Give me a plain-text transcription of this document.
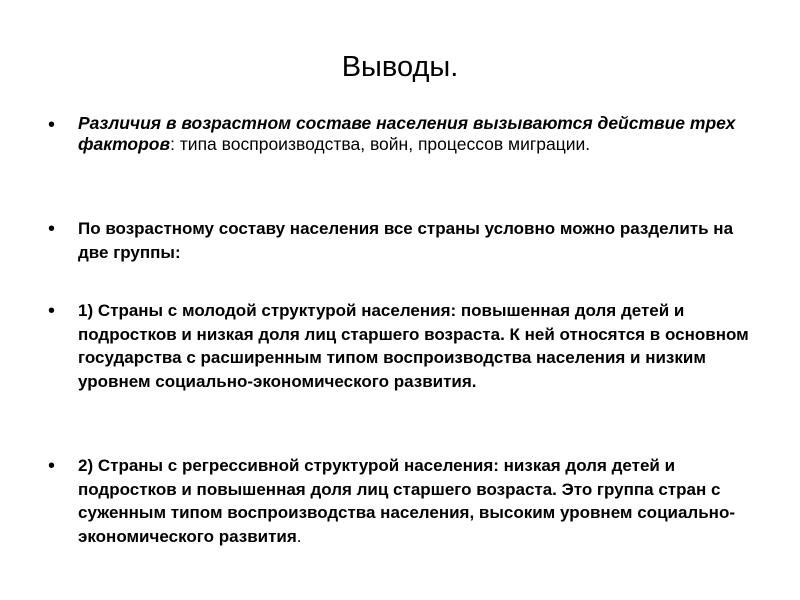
Выводы.
• Различия в возрастном составе населения вызываются действие трех факторов: типа воспроизводства, войн, процессов миграции.

• По возрастному составу населения все страны условно можно разделить на две группы:

• 1) Страны с молодой структурой населения: повышенная доля детей и подростков и низкая доля лиц старшего возраста. К ней относятся в основном государства с расширенным типом воспроизводства населения и низким уровнем социально-экономического развития.

• 2) Страны с регрессивной структурой населения: низкая доля детей и подростков и повышенная доля лиц старшего возраста. Это группа стран с суженным типом воспроизводства населения, высоким уровнем социально-экономического развития.
